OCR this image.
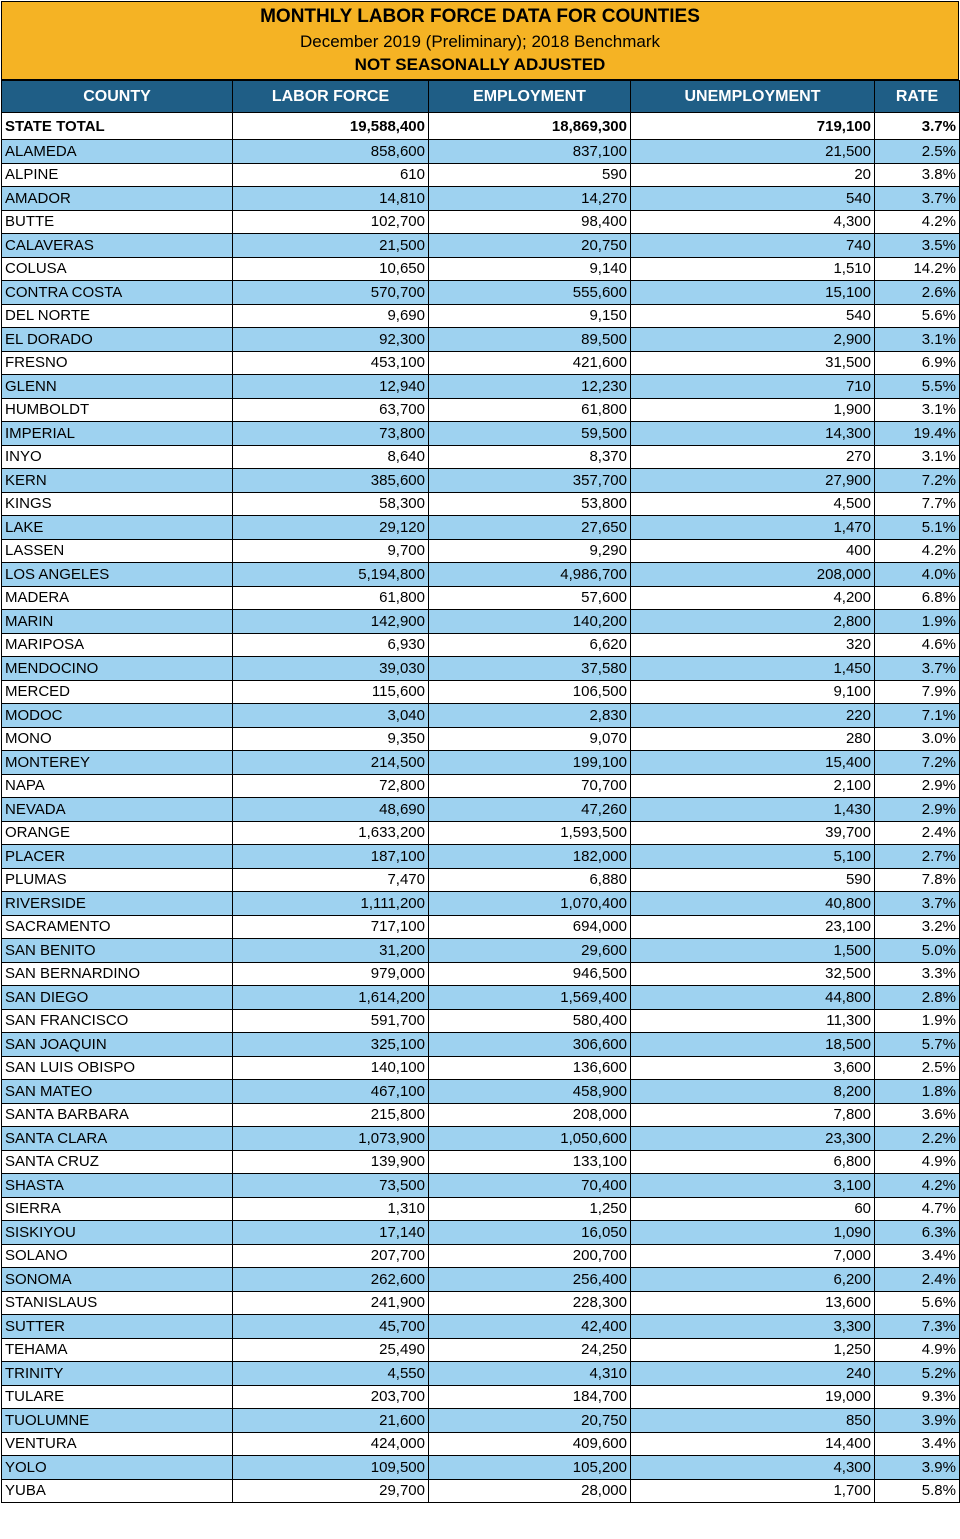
MONTHLY LABOR FORCE DATA FOR COUNTIES
December 2019 (Preliminary); 2018 Benchmark
NOT SEASONALLY ADJUSTED
COUNTY	LABOR FORCE	EMPLOYMENT	UNEMPLOYMENT	RATE
STATE TOTAL	19,588,400	18,869,300	719,100	3.7%
ALAMEDA	858,600	837,100	21,500	2.5%
ALPINE	610	590	20	3.8%
AMADOR	14,810	14,270	540	3.7%
BUTTE	102,700	98,400	4,300	4.2%
CALAVERAS	21,500	20,750	740	3.5%
COLUSA	10,650	9,140	1,510	14.2%
CONTRA COSTA	570,700	555,600	15,100	2.6%
DEL NORTE	9,690	9,150	540	5.6%
EL DORADO	92,300	89,500	2,900	3.1%
FRESNO	453,100	421,600	31,500	6.9%
GLENN	12,940	12,230	710	5.5%
HUMBOLDT	63,700	61,800	1,900	3.1%
IMPERIAL	73,800	59,500	14,300	19.4%
INYO	8,640	8,370	270	3.1%
KERN	385,600	357,700	27,900	7.2%
KINGS	58,300	53,800	4,500	7.7%
LAKE	29,120	27,650	1,470	5.1%
LASSEN	9,700	9,290	400	4.2%
LOS ANGELES	5,194,800	4,986,700	208,000	4.0%
MADERA	61,800	57,600	4,200	6.8%
MARIN	142,900	140,200	2,800	1.9%
MARIPOSA	6,930	6,620	320	4.6%
MENDOCINO	39,030	37,580	1,450	3.7%
MERCED	115,600	106,500	9,100	7.9%
MODOC	3,040	2,830	220	7.1%
MONO	9,350	9,070	280	3.0%
MONTEREY	214,500	199,100	15,400	7.2%
NAPA	72,800	70,700	2,100	2.9%
NEVADA	48,690	47,260	1,430	2.9%
ORANGE	1,633,200	1,593,500	39,700	2.4%
PLACER	187,100	182,000	5,100	2.7%
PLUMAS	7,470	6,880	590	7.8%
RIVERSIDE	1,111,200	1,070,400	40,800	3.7%
SACRAMENTO	717,100	694,000	23,100	3.2%
SAN BENITO	31,200	29,600	1,500	5.0%
SAN BERNARDINO	979,000	946,500	32,500	3.3%
SAN DIEGO	1,614,200	1,569,400	44,800	2.8%
SAN FRANCISCO	591,700	580,400	11,300	1.9%
SAN JOAQUIN	325,100	306,600	18,500	5.7%
SAN LUIS OBISPO	140,100	136,600	3,600	2.5%
SAN MATEO	467,100	458,900	8,200	1.8%
SANTA BARBARA	215,800	208,000	7,800	3.6%
SANTA CLARA	1,073,900	1,050,600	23,300	2.2%
SANTA CRUZ	139,900	133,100	6,800	4.9%
SHASTA	73,500	70,400	3,100	4.2%
SIERRA	1,310	1,250	60	4.7%
SISKIYOU	17,140	16,050	1,090	6.3%
SOLANO	207,700	200,700	7,000	3.4%
SONOMA	262,600	256,400	6,200	2.4%
STANISLAUS	241,900	228,300	13,600	5.6%
SUTTER	45,700	42,400	3,300	7.3%
TEHAMA	25,490	24,250	1,250	4.9%
TRINITY	4,550	4,310	240	5.2%
TULARE	203,700	184,700	19,000	9.3%
TUOLUMNE	21,600	20,750	850	3.9%
VENTURA	424,000	409,600	14,400	3.4%
YOLO	109,500	105,200	4,300	3.9%
YUBA	29,700	28,000	1,700	5.8%
